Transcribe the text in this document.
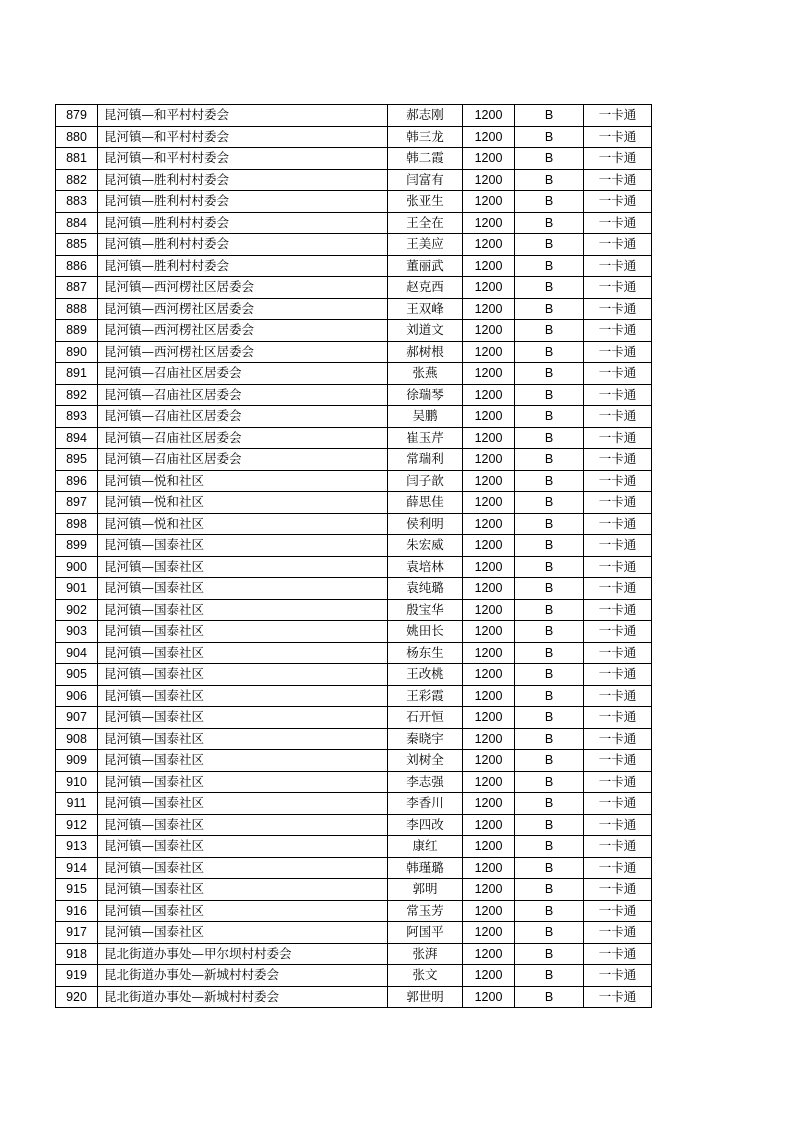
879	昆河镇—和平村村委会	郝志刚	1200	B	一卡通
880	昆河镇—和平村村委会	韩三龙	1200	B	一卡通
881	昆河镇—和平村村委会	韩二霞	1200	B	一卡通
882	昆河镇—胜利村村委会	闫富有	1200	B	一卡通
883	昆河镇—胜利村村委会	张亚生	1200	B	一卡通
884	昆河镇—胜利村村委会	王全在	1200	B	一卡通
885	昆河镇—胜利村村委会	王美应	1200	B	一卡通
886	昆河镇—胜利村村委会	董丽武	1200	B	一卡通
887	昆河镇—西河楞社区居委会	赵克西	1200	B	一卡通
888	昆河镇—西河楞社区居委会	王双峰	1200	B	一卡通
889	昆河镇—西河楞社区居委会	刘道文	1200	B	一卡通
890	昆河镇—西河楞社区居委会	郝树根	1200	B	一卡通
891	昆河镇—召庙社区居委会	张燕	1200	B	一卡通
892	昆河镇—召庙社区居委会	徐瑞琴	1200	B	一卡通
893	昆河镇—召庙社区居委会	吴鹏	1200	B	一卡通
894	昆河镇—召庙社区居委会	崔玉芹	1200	B	一卡通
895	昆河镇—召庙社区居委会	常瑞利	1200	B	一卡通
896	昆河镇—悦和社区	闫子歆	1200	B	一卡通
897	昆河镇—悦和社区	薛思佳	1200	B	一卡通
898	昆河镇—悦和社区	侯利明	1200	B	一卡通
899	昆河镇—国泰社区	朱宏威	1200	B	一卡通
900	昆河镇—国泰社区	袁培林	1200	B	一卡通
901	昆河镇—国泰社区	袁纯璐	1200	B	一卡通
902	昆河镇—国泰社区	殷宝华	1200	B	一卡通
903	昆河镇—国泰社区	姚田长	1200	B	一卡通
904	昆河镇—国泰社区	杨东生	1200	B	一卡通
905	昆河镇—国泰社区	王改桃	1200	B	一卡通
906	昆河镇—国泰社区	王彩霞	1200	B	一卡通
907	昆河镇—国泰社区	石开恒	1200	B	一卡通
908	昆河镇—国泰社区	秦晓宇	1200	B	一卡通
909	昆河镇—国泰社区	刘树全	1200	B	一卡通
910	昆河镇—国泰社区	李志强	1200	B	一卡通
911	昆河镇—国泰社区	李香川	1200	B	一卡通
912	昆河镇—国泰社区	李四改	1200	B	一卡通
913	昆河镇—国泰社区	康红	1200	B	一卡通
914	昆河镇—国泰社区	韩瑾璐	1200	B	一卡通
915	昆河镇—国泰社区	郭明	1200	B	一卡通
916	昆河镇—国泰社区	常玉芳	1200	B	一卡通
917	昆河镇—国泰社区	阿国平	1200	B	一卡通
918	昆北街道办事处—甲尔坝村村委会	张湃	1200	B	一卡通
919	昆北街道办事处—新城村村委会	张文	1200	B	一卡通
920	昆北街道办事处—新城村村委会	郭世明	1200	B	一卡通
